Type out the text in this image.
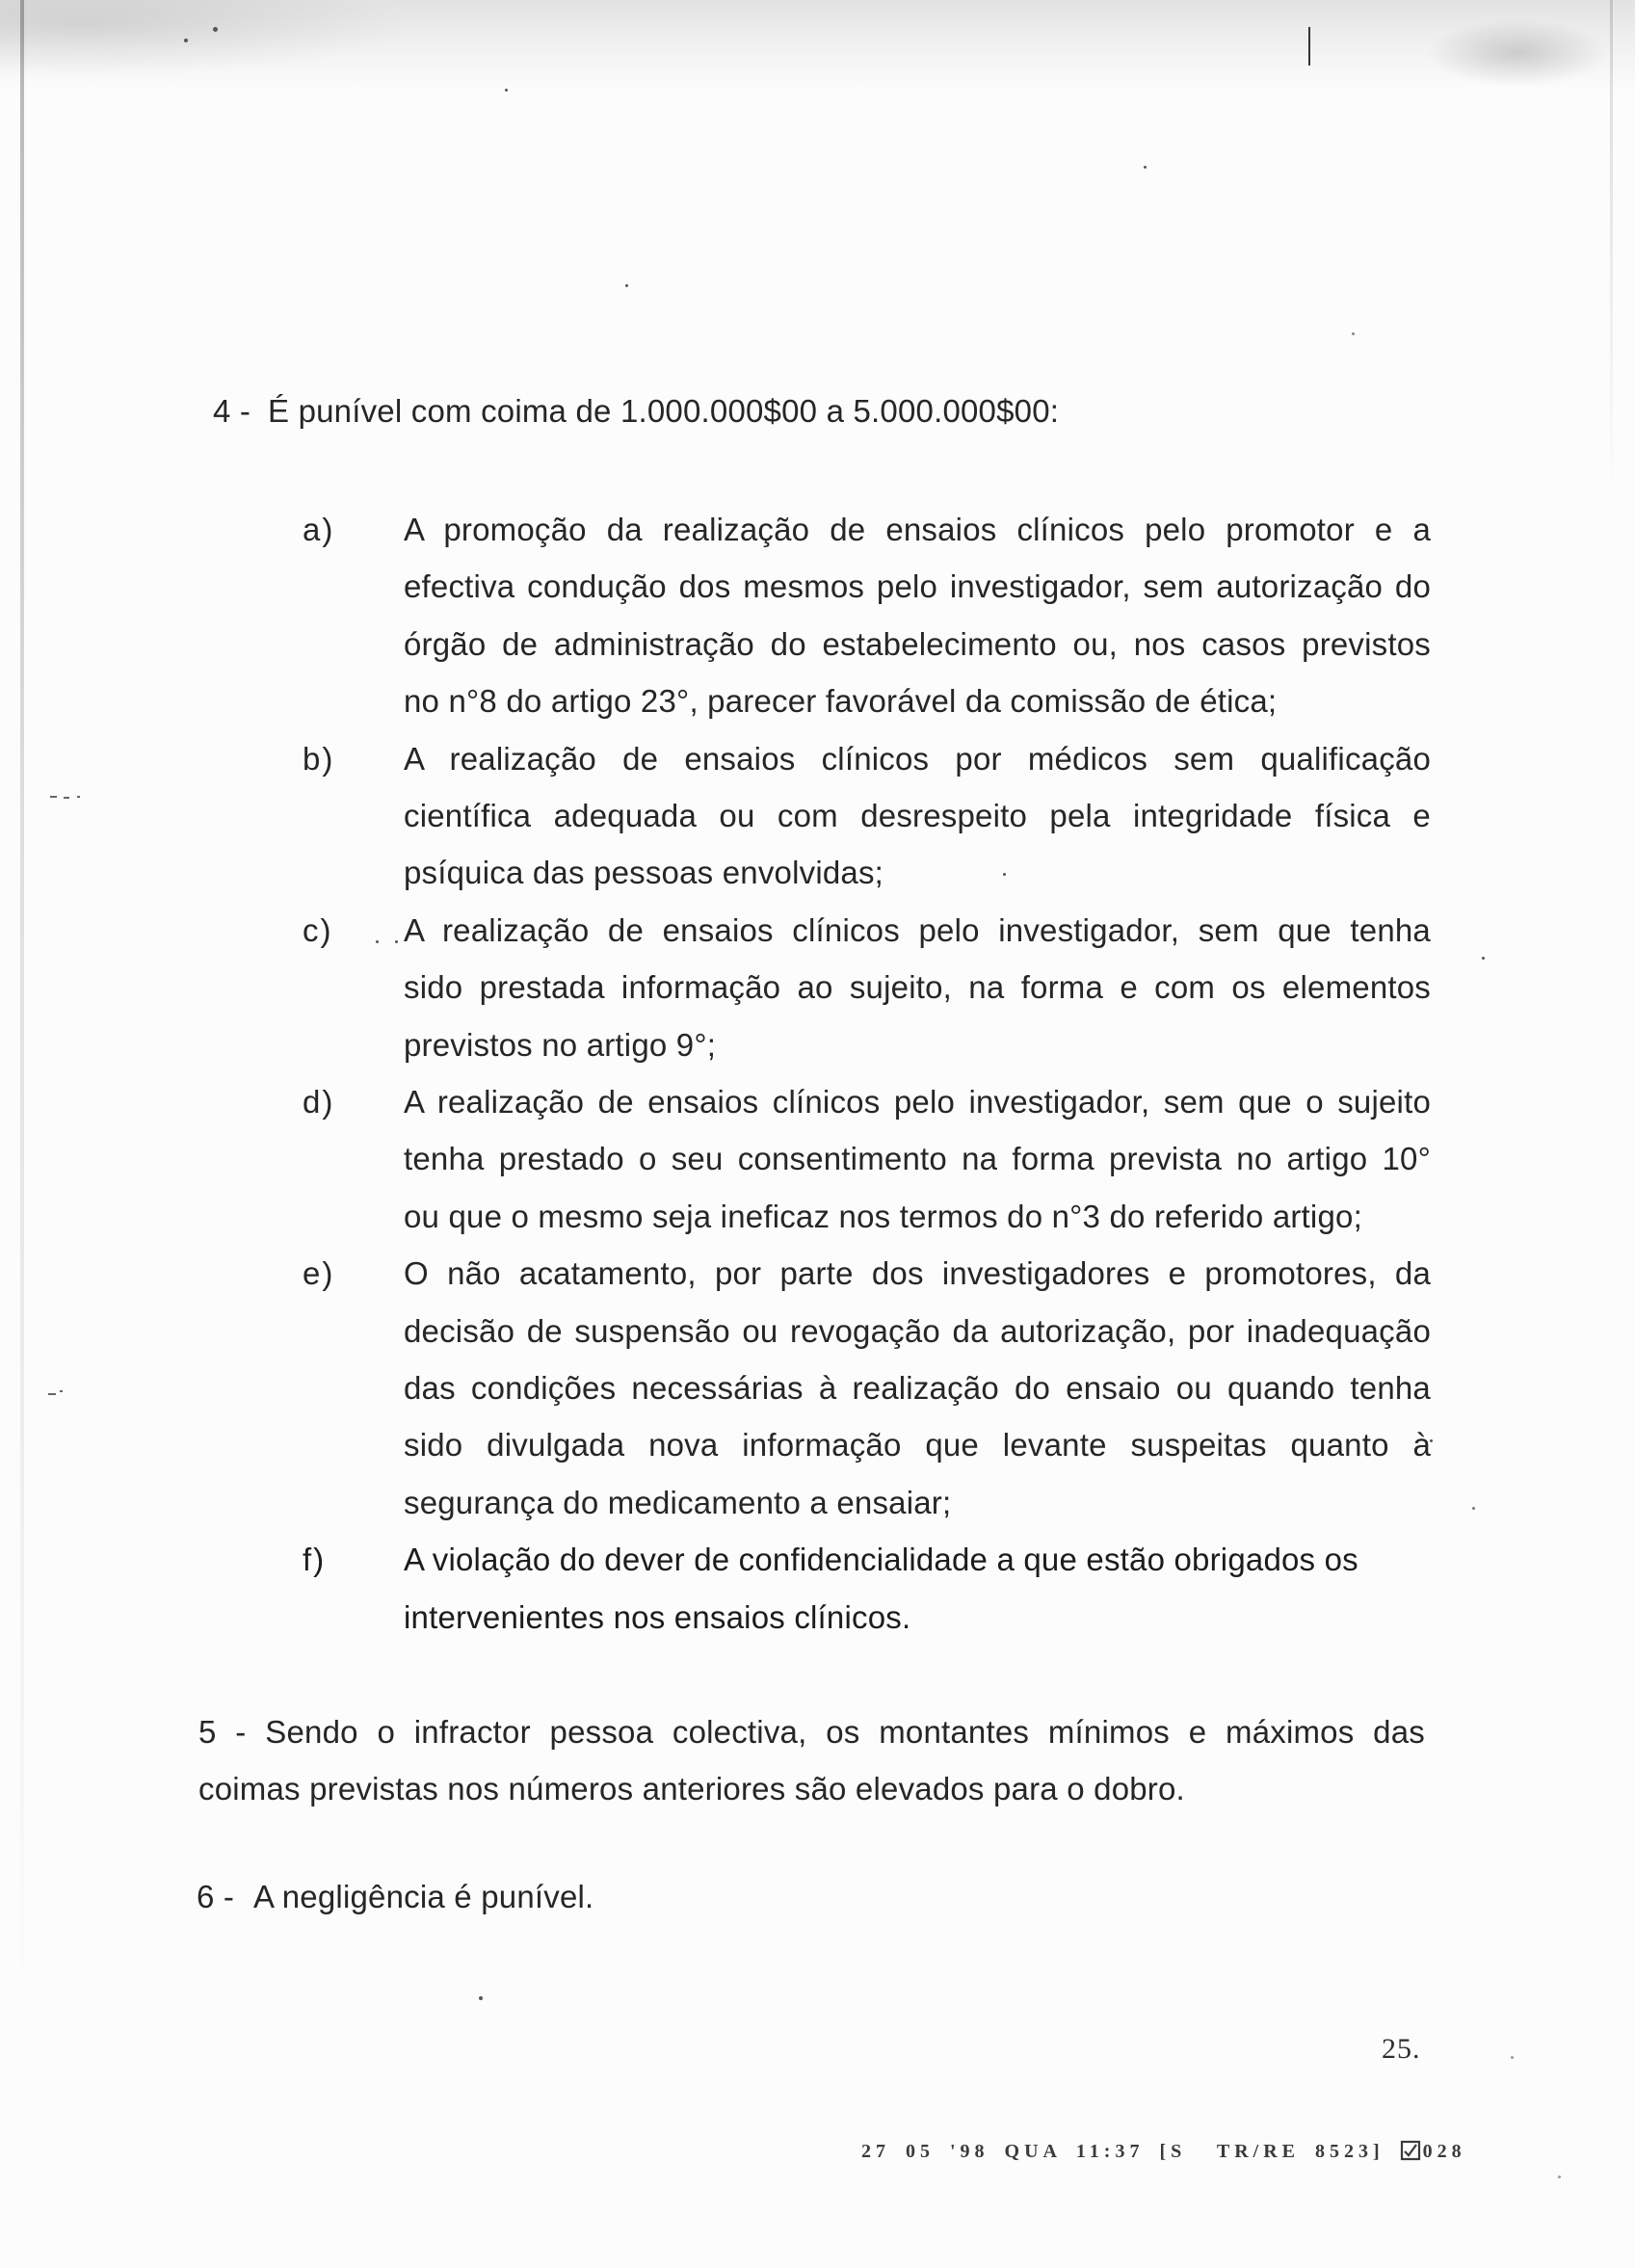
4 - É punível com coima de 1.000.000$00 a 5.000.000$00:
a) A promoção da realização de ensaios clínicos pelo promotor e a
efectiva condução dos mesmos pelo investigador, sem autorização do
órgão de administração do estabelecimento ou, nos casos previstos
no n°8 do artigo 23°, parecer favorável da comissão de ética;
b) A realização de ensaios clínicos por médicos sem qualificação
científica adequada ou com desrespeito pela integridade física e
psíquica das pessoas envolvidas;
c) A realização de ensaios clínicos pelo investigador, sem que tenha
sido prestada informação ao sujeito, na forma e com os elementos
previstos no artigo 9°;
d) A realização de ensaios clínicos pelo investigador, sem que o sujeito
tenha prestado o seu consentimento na forma prevista no artigo 10°
ou que o mesmo seja ineficaz nos termos do n°3 do referido artigo;
e) O não acatamento, por parte dos investigadores e promotores, da
decisão de suspensão ou revogação da autorização, por inadequação
das condições necessárias à realização do ensaio ou quando tenha
sido divulgada nova informação que levante suspeitas quanto à
segurança do medicamento a ensaiar;
f) A violação do dever de confidencialidade a que estão obrigados os
intervenientes nos ensaios clínicos.
5 - Sendo o infractor pessoa colectiva, os montantes mínimos e máximos das
coimas previstas nos números anteriores são elevados para o dobro.
6 - A negligência é punível.
25.
27 05 '98 QUA 11:37 [S  TR/RE 8523] 028
